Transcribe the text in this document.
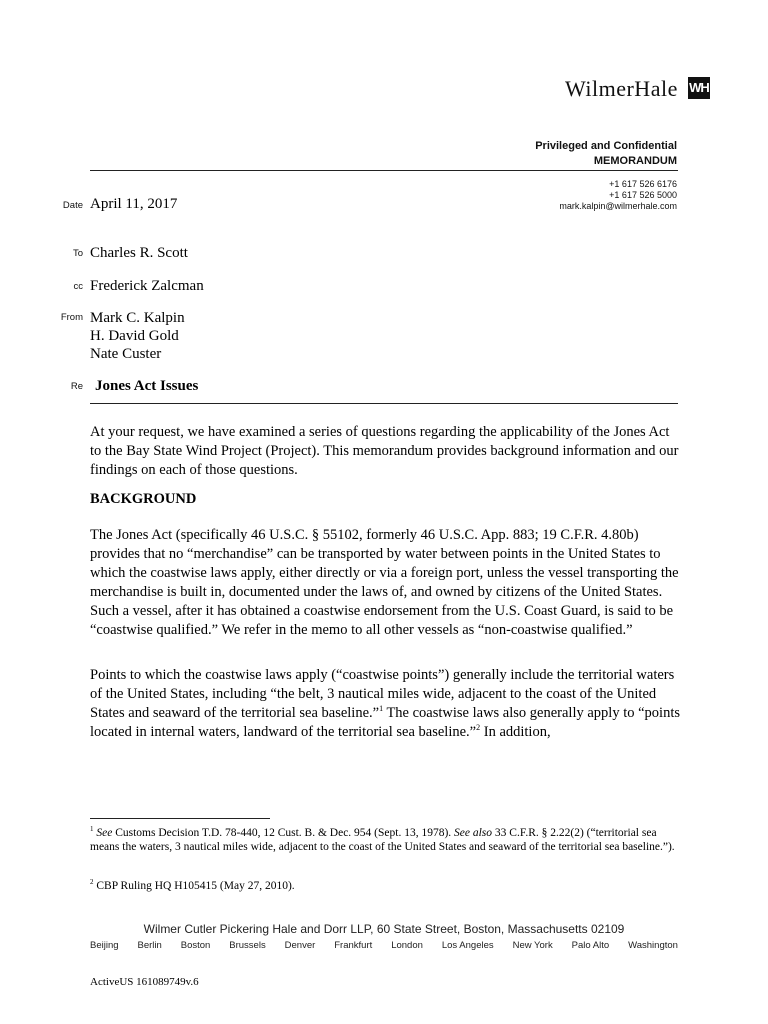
WilmerHale WH
Privileged and Confidential
MEMORANDUM
+1 617 526 6176
+1 617 526 5000
mark.kalpin@wilmerhale.com
Date April 11, 2017
To Charles R. Scott
cc Frederick Zalcman
From Mark C. Kalpin
H. David Gold
Nate Custer
Re Jones Act Issues
At your request, we have examined a series of questions regarding the applicability of the Jones Act to the Bay State Wind Project (Project). This memorandum provides background information and our findings on each of those questions.
BACKGROUND
The Jones Act (specifically 46 U.S.C. § 55102, formerly 46 U.S.C. App. 883; 19 C.F.R. 4.80b) provides that no “merchandise” can be transported by water between points in the United States to which the coastwise laws apply, either directly or via a foreign port, unless the vessel transporting the merchandise is built in, documented under the laws of, and owned by citizens of the United States. Such a vessel, after it has obtained a coastwise endorsement from the U.S. Coast Guard, is said to be “coastwise qualified.” We refer in the memo to all other vessels as “non-coastwise qualified.”
Points to which the coastwise laws apply (“coastwise points”) generally include the territorial waters of the United States, including “the belt, 3 nautical miles wide, adjacent to the coast of the United States and seaward of the territorial sea baseline.”$^1$ The coastwise laws also generally apply to “points located in internal waters, landward of the territorial sea baseline.”$^2$ In addition,
$^1$ See Customs Decision T.D. 78-440, 12 Cust. B. & Dec. 954 (Sept. 13, 1978). See also 33 C.F.R. § 2.22(2) (“territorial sea means the waters, 3 nautical miles wide, adjacent to the coast of the United States and seaward of the territorial sea baseline.”).
$^2$ CBP Ruling HQ H105415 (May 27, 2010).
Wilmer Cutler Pickering Hale and Dorr LLP, 60 State Street, Boston, Massachusetts 02109
Beijing Berlin Boston Brussels Denver Frankfurt London Los Angeles New York Palo Alto Washington
ActiveUS 161089749v.6
